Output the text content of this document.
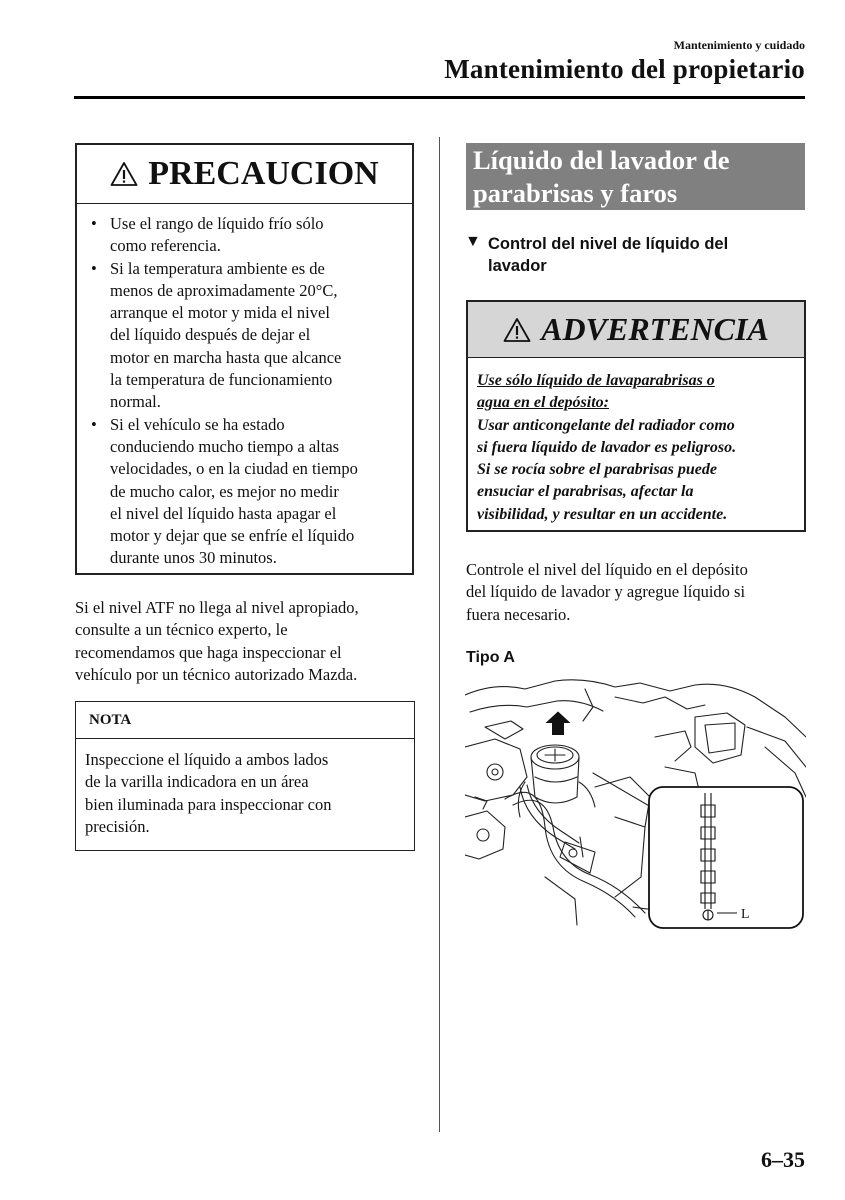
Mantenimiento y cuidado
Mantenimiento del propietario
PRECAUCION
• Use el rango de líquido frío sólo
como referencia.
• Si la temperatura ambiente es de
menos de aproximadamente 20°C,
arranque el motor y mida el nivel
del líquido después de dejar el
motor en marcha hasta que alcance
la temperatura de funcionamiento
normal.
• Si el vehículo se ha estado
conduciendo mucho tiempo a altas
velocidades, o en la ciudad en tiempo
de mucho calor, es mejor no medir
el nivel del líquido hasta apagar el
motor y dejar que se enfríe el líquido
durante unos 30 minutos.
Si el nivel ATF no llega al nivel apropiado,
consulte a un técnico experto, le
recomendamos que haga inspeccionar el
vehículo por un técnico autorizado Mazda.
NOTA
Inspeccione el líquido a ambos lados
de la varilla indicadora en un área
bien iluminada para inspeccionar con
precisión.
Líquido del lavador de
parabrisas y faros
▼ Control del nivel de líquido del
lavador
ADVERTENCIA
Use sólo líquido de lavaparabrisas o
agua en el depósito:
Usar anticongelante del radiador como
si fuera líquido de lavador es peligroso.
Si se rocía sobre el parabrisas puede
ensuciar el parabrisas, afectar la
visibilidad, y resultar en un accidente.
Controle el nivel del líquido en el depósito
del líquido de lavador y agregue líquido si
fuera necesario.
Tipo A
L
6–35
